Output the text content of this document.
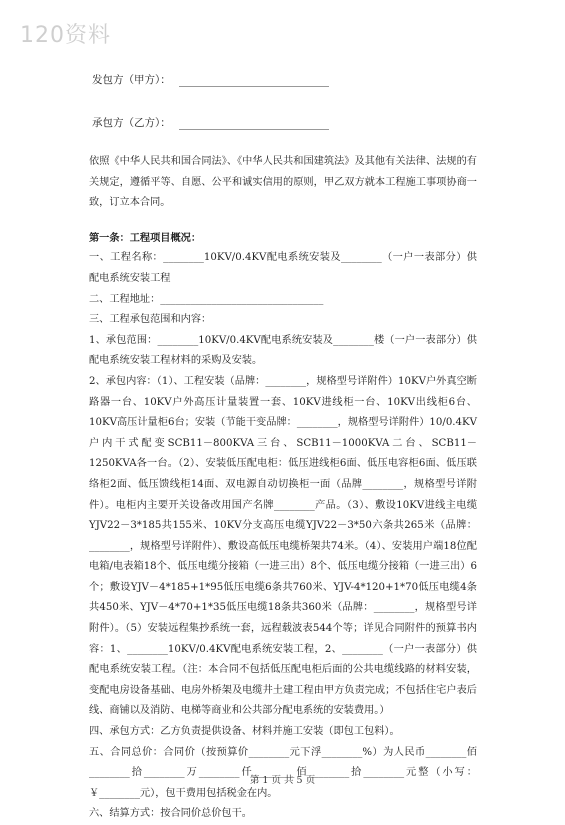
120资料
发包方（甲方）：
承包方（乙方）：

依照《中华人民共和国合同法》、《中华人民共和国建筑法》及其他有关法律、法规的有关规定，遵循平等、自愿、公平和诚实信用的原则，甲乙双方就本工程施工事项协商一致，订立本合同。

第一条：工程项目概况：

一、工程名称：________10KV/0.4KV配电系统安装及________（一户一表部分）供配电系统安装工程

二、工程地址：________________________________

三、工程承包范围和内容：

1、承包范围：________10KV/0.4KV配电系统安装及________楼（一户一表部分）供配电系统安装工程材料的采购及安装。

2、承包内容：（1）、工程安装（品牌：________，规格型号详附件）10KV户外真空断路器一台、10KV户外高压计量装置一套、10KV进线柜一台、10KV出线柜6台、10KV高压计量柜6台；安装（节能干变品牌：________，规格型号详附件）10/0.4KV户内干式配变SCB11－800KVA三台、SCB11－1000KVA二台、SCB11－1250KVA各一台。（2）、安装低压配电柜：低压进线柜6面、低压电容柜6面、低压联络柜2面、低压馈线柜14面、双电源自动切换柜一面（品牌________，规格型号详附件）。电柜内主要开关设备改用国产名牌________产品。（3）、敷设10KV进线主电缆YJV22－3*185共155米、10KV分支高压电缆YJV22－3*50六条共265米（品牌：________，规格型号详附件）、敷设高低压电缆桥架共74米。（4）、安装用户端18位配电箱/电表箱18个、低压电缆分接箱（一进三出）8个、低压电缆分接箱（一进三出）6个；敷设YJV－4*185+1*95低压电缆6条共760米、YJV-4*120+1*70低压电缆4条共450米、YJV－4*70+1*35低压电缆18条共360米（品牌：________，规格型号详附件）。（5）安装远程集抄系统一套，远程载波表544个等；详见合同附件的预算书内容：1、________10KV/0.4KV配电系统安装工程，2、________（一户一表部分）供配电系统安装工程。（注：本合同不包括低压配电柜后面的公共电缆线路的材料安装，变配电房设备基础、电房外桥架及电缆井土建工程由甲方负责完成；不包括住宅户表后线、商铺以及消防、电梯等商业和公共部分配电系统的安装费用。）

四、承包方式：乙方负责提供设备、材料并施工安装（即包工包料）。

五、合同总价：合同价（按预算价________元下浮________%）为人民币________佰________拾________万________仟________佰________拾________元整（小写：￥________元），包干费用包括税金在内。

六、结算方式：按合同价总价包干。

第 1 页 共 5 页
